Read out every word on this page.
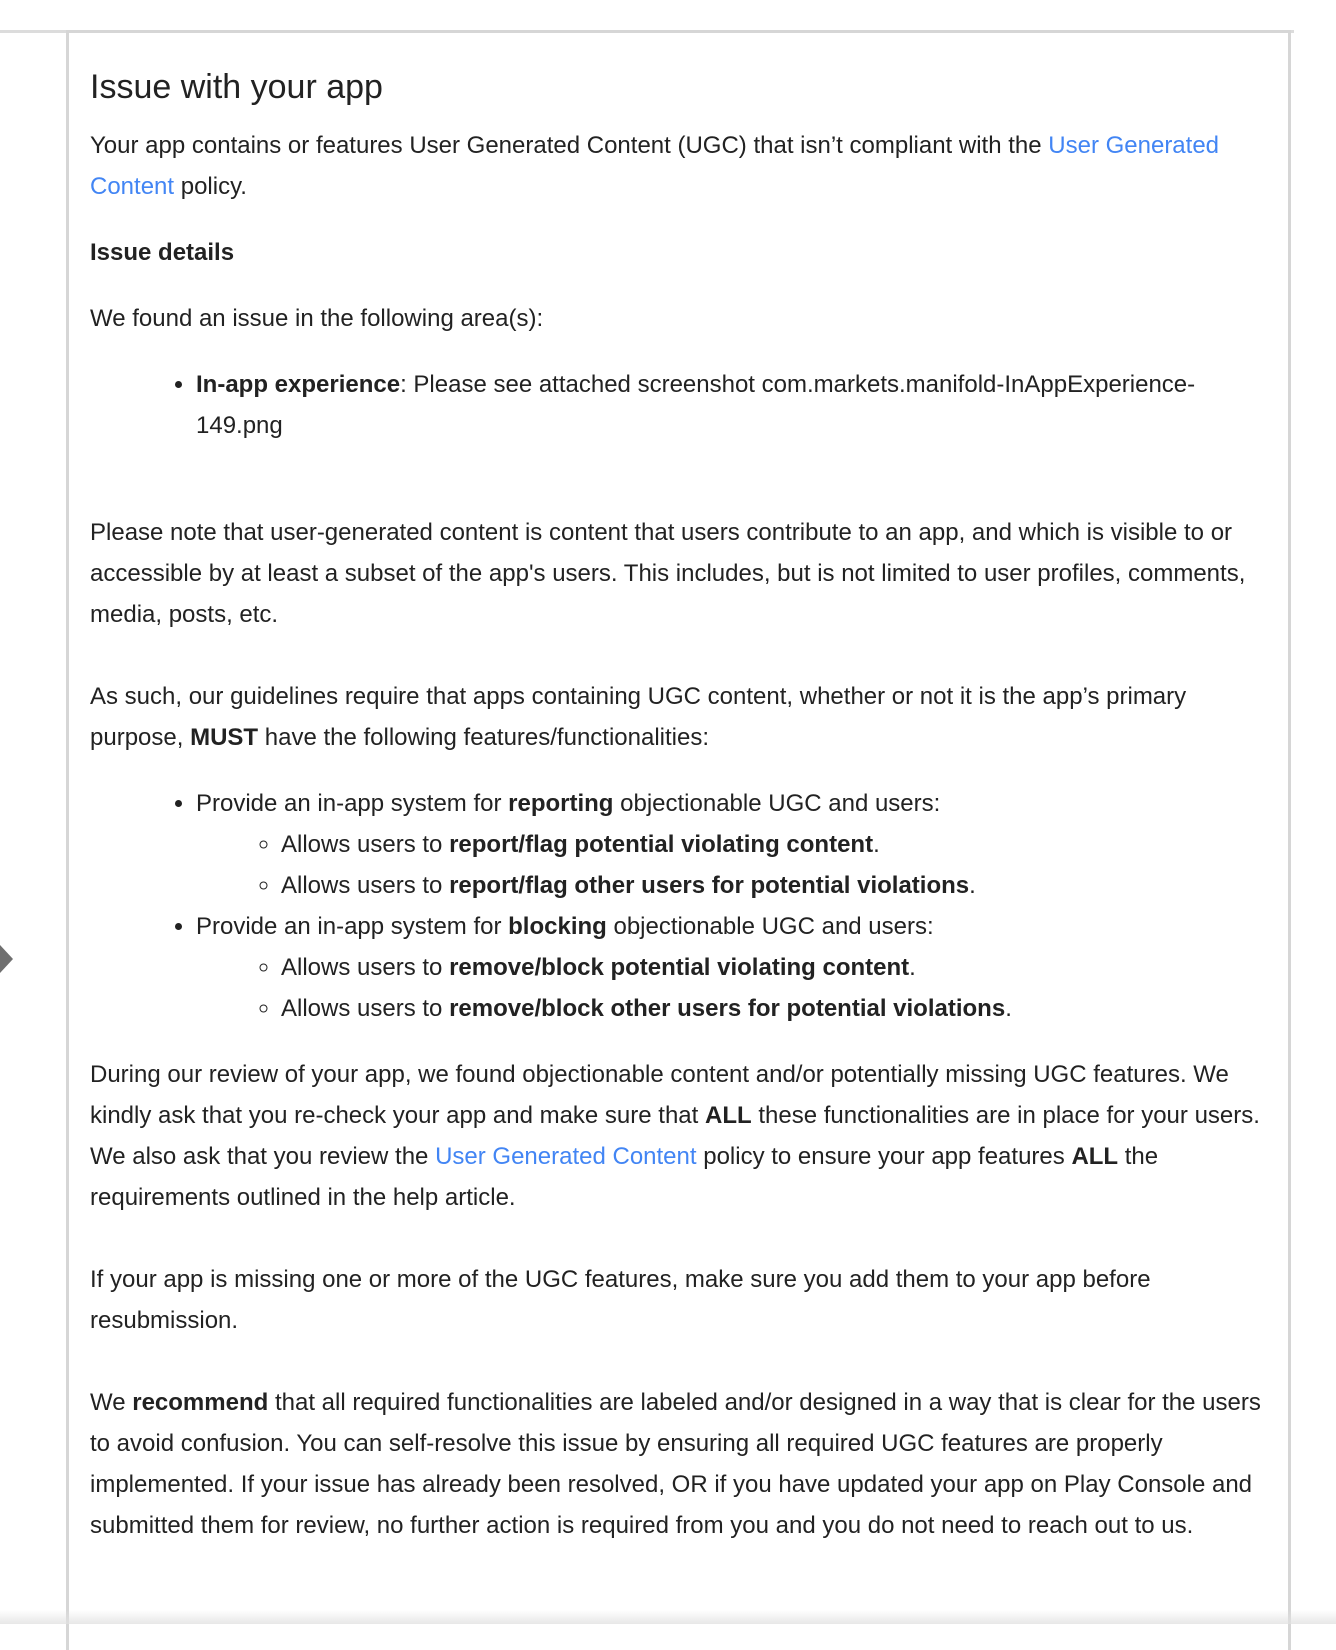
Issue with your app

Your app contains or features User Generated Content (UGC) that isn’t compliant with the User Generated Content policy.

Issue details

We found an issue in the following area(s):

• In-app experience: Please see attached screenshot com.markets.manifold-InAppExperience-149.png

Please note that user-generated content is content that users contribute to an app, and which is visible to or accessible by at least a subset of the app's users. This includes, but is not limited to user profiles, comments, media, posts, etc.

As such, our guidelines require that apps containing UGC content, whether or not it is the app’s primary purpose, MUST have the following features/functionalities:

• Provide an in-app system for reporting objectionable UGC and users:
◦ Allows users to report/flag potential violating content.
◦ Allows users to report/flag other users for potential violations.
• Provide an in-app system for blocking objectionable UGC and users:
◦ Allows users to remove/block potential violating content.
◦ Allows users to remove/block other users for potential violations.

During our review of your app, we found objectionable content and/or potentially missing UGC features. We kindly ask that you re-check your app and make sure that ALL these functionalities are in place for your users. We also ask that you review the User Generated Content policy to ensure your app features ALL the requirements outlined in the help article.

If your app is missing one or more of the UGC features, make sure you add them to your app before resubmission.

We recommend that all required functionalities are labeled and/or designed in a way that is clear for the users to avoid confusion. You can self-resolve this issue by ensuring all required UGC features are properly implemented. If your issue has already been resolved, OR if you have updated your app on Play Console and submitted them for review, no further action is required from you and you do not need to reach out to us.
